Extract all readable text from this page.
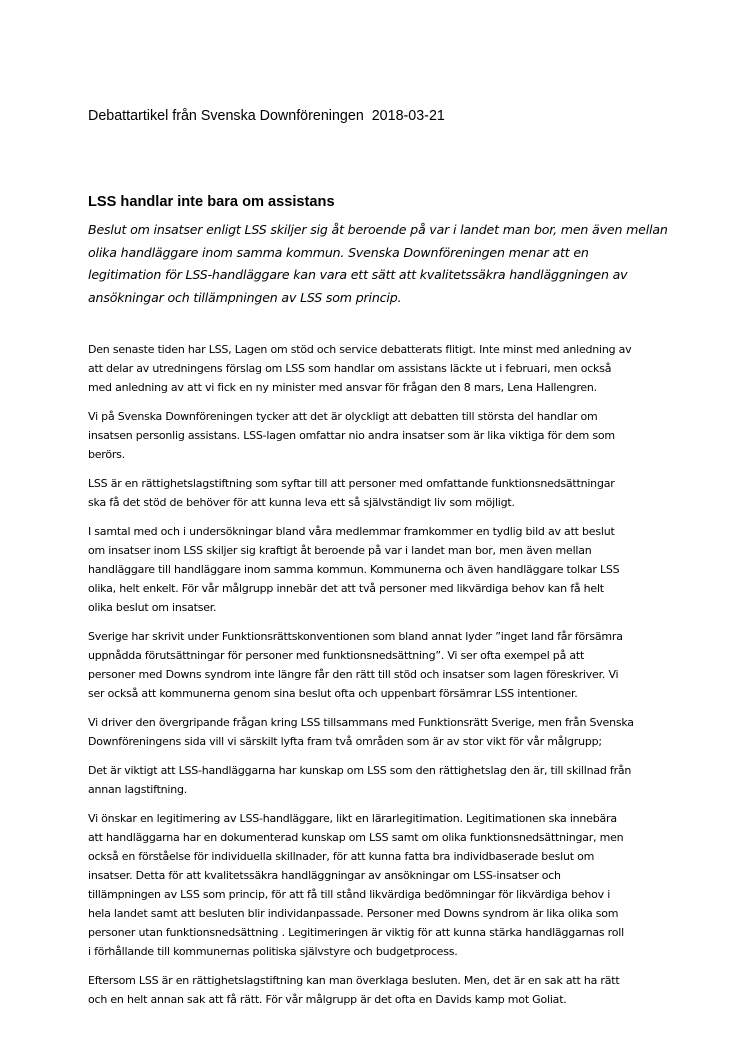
Debattartikel från Svenska Downföreningen  2018-03-21
LSS handlar inte bara om assistans
Beslut om insatser enligt LSS skiljer sig åt beroende på var i landet man bor, men även mellan
olika handläggare inom samma kommun. Svenska Downföreningen menar att en
legitimation för LSS-handläggare kan vara ett sätt att kvalitetssäkra handläggningen av
ansökningar och tillämpningen av LSS som princip.

Den senaste tiden har LSS, Lagen om stöd och service debatterats flitigt. Inte minst med anledning av
att delar av utredningens förslag om LSS som handlar om assistans läckte ut i februari, men också
med anledning av att vi fick en ny minister med ansvar för frågan den 8 mars, Lena Hallengren.

Vi på Svenska Downföreningen tycker att det är olyckligt att debatten till största del handlar om
insatsen personlig assistans. LSS-lagen omfattar nio andra insatser som är lika viktiga för dem som
berörs.

LSS är en rättighetslagstiftning som syftar till att personer med omfattande funktionsnedsättningar
ska få det stöd de behöver för att kunna leva ett så självständigt liv som möjligt.

I samtal med och i undersökningar bland våra medlemmar framkommer en tydlig bild av att beslut
om insatser inom LSS skiljer sig kraftigt åt beroende på var i landet man bor, men även mellan
handläggare till handläggare inom samma kommun. Kommunerna och även handläggare tolkar LSS
olika, helt enkelt. För vår målgrupp innebär det att två personer med likvärdiga behov kan få helt
olika beslut om insatser.

Sverige har skrivit under Funktionsrättskonventionen som bland annat lyder ”inget land får försämra
uppnådda förutsättningar för personer med funktionsnedsättning”. Vi ser ofta exempel på att
personer med Downs syndrom inte längre får den rätt till stöd och insatser som lagen föreskriver. Vi
ser också att kommunerna genom sina beslut ofta och uppenbart försämrar LSS intentioner.

Vi driver den övergripande frågan kring LSS tillsammans med Funktionsrätt Sverige, men från Svenska
Downföreningens sida vill vi särskilt lyfta fram två områden som är av stor vikt för vår målgrupp;

Det är viktigt att LSS-handläggarna har kunskap om LSS som den rättighetslag den är, till skillnad från
annan lagstiftning.

Vi önskar en legitimering av LSS-handläggare, likt en lärarlegitimation. Legitimationen ska innebära
att handläggarna har en dokumenterad kunskap om LSS samt om olika funktionsnedsättningar, men
också en förståelse för individuella skillnader, för att kunna fatta bra individbaserade beslut om
insatser. Detta för att kvalitetssäkra handläggningar av ansökningar om LSS-insatser och
tillämpningen av LSS som princip, för att få till stånd likvärdiga bedömningar för likvärdiga behov i
hela landet samt att besluten blir individanpassade. Personer med Downs syndrom är lika olika som
personer utan funktionsnedsättning . Legitimeringen är viktig för att kunna stärka handläggarnas roll
i förhållande till kommunernas politiska självstyre och budgetprocess.

Eftersom LSS är en rättighetslagstiftning kan man överklaga besluten. Men, det är en sak att ha rätt
och en helt annan sak att få rätt. För vår målgrupp är det ofta en Davids kamp mot Goliat.
